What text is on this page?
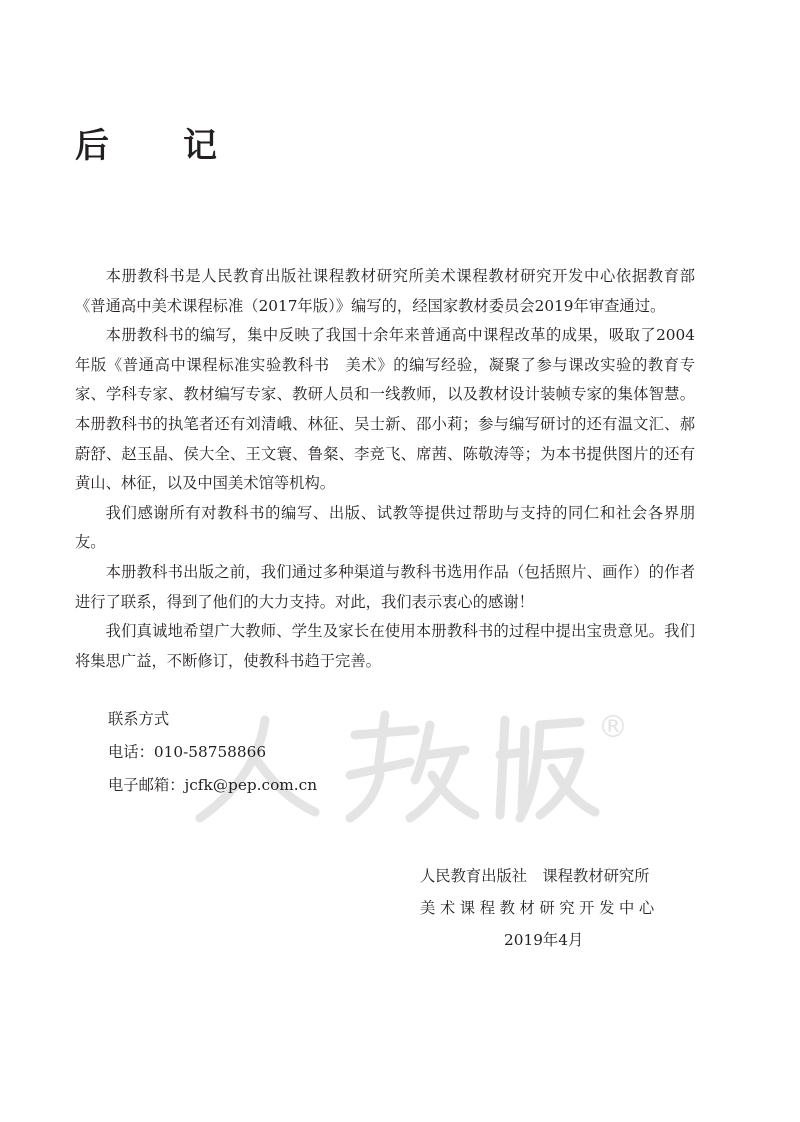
®
后　记

本册教科书是人民教育出版社课程教材研究所美术课程教材研究开发中心依据教育部《普通高中美术课程标准（2017年版）》编写的，经国家教材委员会2019年审查通过。

本册教科书的编写，集中反映了我国十余年来普通高中课程改革的成果，吸取了2004年版《普通高中课程标准实验教科书　美术》的编写经验，凝聚了参与课改实验的教育专家、学科专家、教材编写专家、教研人员和一线教师，以及教材设计装帧专家的集体智慧。本册教科书的执笔者还有刘清峨、林征、吴士新、邵小莉；参与编写研讨的还有温文汇、郝蔚舒、赵玉晶、侯大全、王文寰、鲁粲、李竞飞、席茜、陈敬涛等；为本书提供图片的还有黄山、林征，以及中国美术馆等机构。

我们感谢所有对教科书的编写、出版、试教等提供过帮助与支持的同仁和社会各界朋友。

本册教科书出版之前，我们通过多种渠道与教科书选用作品（包括照片、画作）的作者进行了联系，得到了他们的大力支持。对此，我们表示衷心的感谢！

我们真诚地希望广大教师、学生及家长在使用本册教科书的过程中提出宝贵意见。我们将集思广益，不断修订，使教科书趋于完善。

联系方式
电话：010-58758866
电子邮箱：jcfk@pep.com.cn
人民教育出版社　课程教材研究所
美术课程教材研究开发中心
2019年4月
